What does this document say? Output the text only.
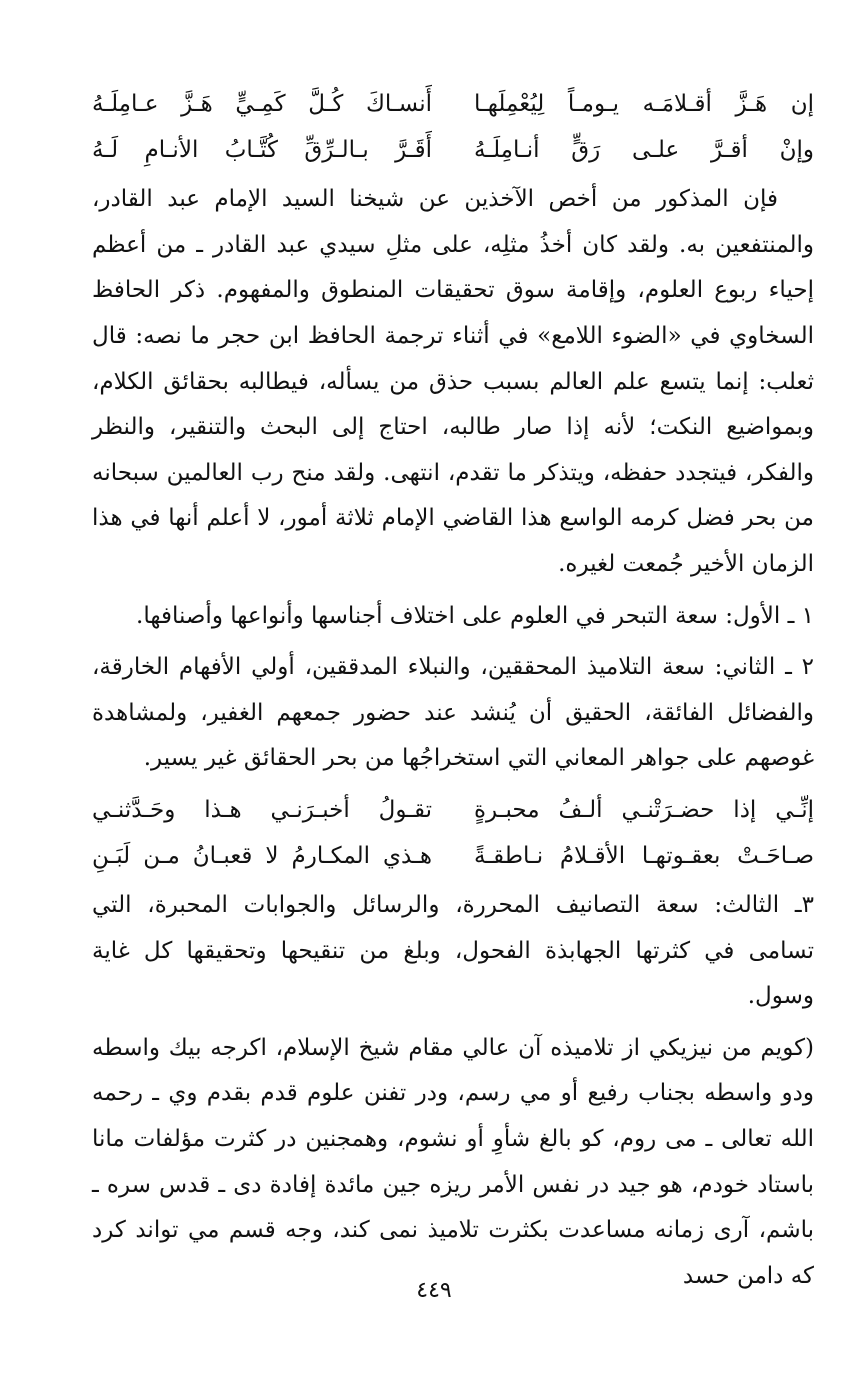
إن هَـزَّ أقـلامَـه يـومـاً لِيُعْمِلَهـا
أَنسـاكَ كُـلَّ كَمِـيٍّ هَـزَّ عـامِلَـهُ
وإنْ أقـرَّ علـى رَقٍّ أنـامِلَـهُ
أَقَـرَّ بـالـرِّقِّ كُتَّـابُ الأنـامِ لَـهُ

فإن المذكور من أخص الآخذين عن شيخنا السيد الإمام عبد القادر، والمنتفعين به. ولقد كان أخذُ مثلِه، على مثلِ سيدي عبد القادر ـ من أعظم إحياء ربوع العلوم، وإقامة سوق تحقيقات المنطوق والمفهوم. ذكر الحافظ السخاوي في «الضوء اللامع» في أثناء ترجمة الحافظ ابن حجر ما نصه: قال ثعلب: إنما يتسع علم العالم بسبب حذق من يسأله، فيطالبه بحقائق الكلام، وبمواضيع النكت؛ لأنه إذا صار طالبه، احتاج إلى البحث والتنقير، والنظر والفكر، فيتجدد حفظه، ويتذكر ما تقدم، انتهى. ولقد منح رب العالمين سبحانه من بحر فضل كرمه الواسع هذا القاضي الإمام ثلاثة أمور، لا أعلم أنها في هذا الزمان الأخير جُمعت لغيره.

١ ـ الأول: سعة التبحر في العلوم على اختلاف أجناسها وأنواعها وأصنافها.

٢ ـ الثاني: سعة التلاميذ المحققين، والنبلاء المدققين، أولي الأفهام الخارقة، والفضائل الفائقة، الحقيق أن يُنشد عند حضور جمعهم الغفير، ولمشاهدة غوصهم على جواهر المعاني التي استخراجُها من بحر الحقائق غير يسير.

إنِّـي إذا حضـرَتْنـي ألـفُ محبـرةٍ
تقـولُ أخبـرَنـي هـذا وحَـدَّثنـي
صـاحَـتْ بعقـوتهـا الأقـلامُ نـاطقـةً
هـذي المكـارمُ لا قعبـانُ مـن لَبَـنِ

٣ـ الثالث: سعة التصانيف المحررة، والرسائل والجوابات المحبرة، التي تسامى في كثرتها الجهابذة الفحول، وبلغ من تنقيحها وتحقيقها كل غاية وسول.

(كويم من نيزيكي از تلاميذه آن عالي مقام شيخ الإسلام، اكرجه بيك واسطه ودو واسطه بجناب رفيع أو مي رسم، ودر تفنن علوم قدم بقدم وي ـ رحمه الله تعالى ـ مى روم، كو بالغ شأوِ أو نشوم، وهمجنين در كثرت مؤلفات مانا باستاد خودم، هو جيد در نفس الأمر ريزه جين مائدة إفادة دى ـ قدس سره ـ باشم، آرى زمانه مساعدت بكثرت تلاميذ نمى كند، وجه قسم مي تواند كرد كه دامن حسد

٤٤٩
